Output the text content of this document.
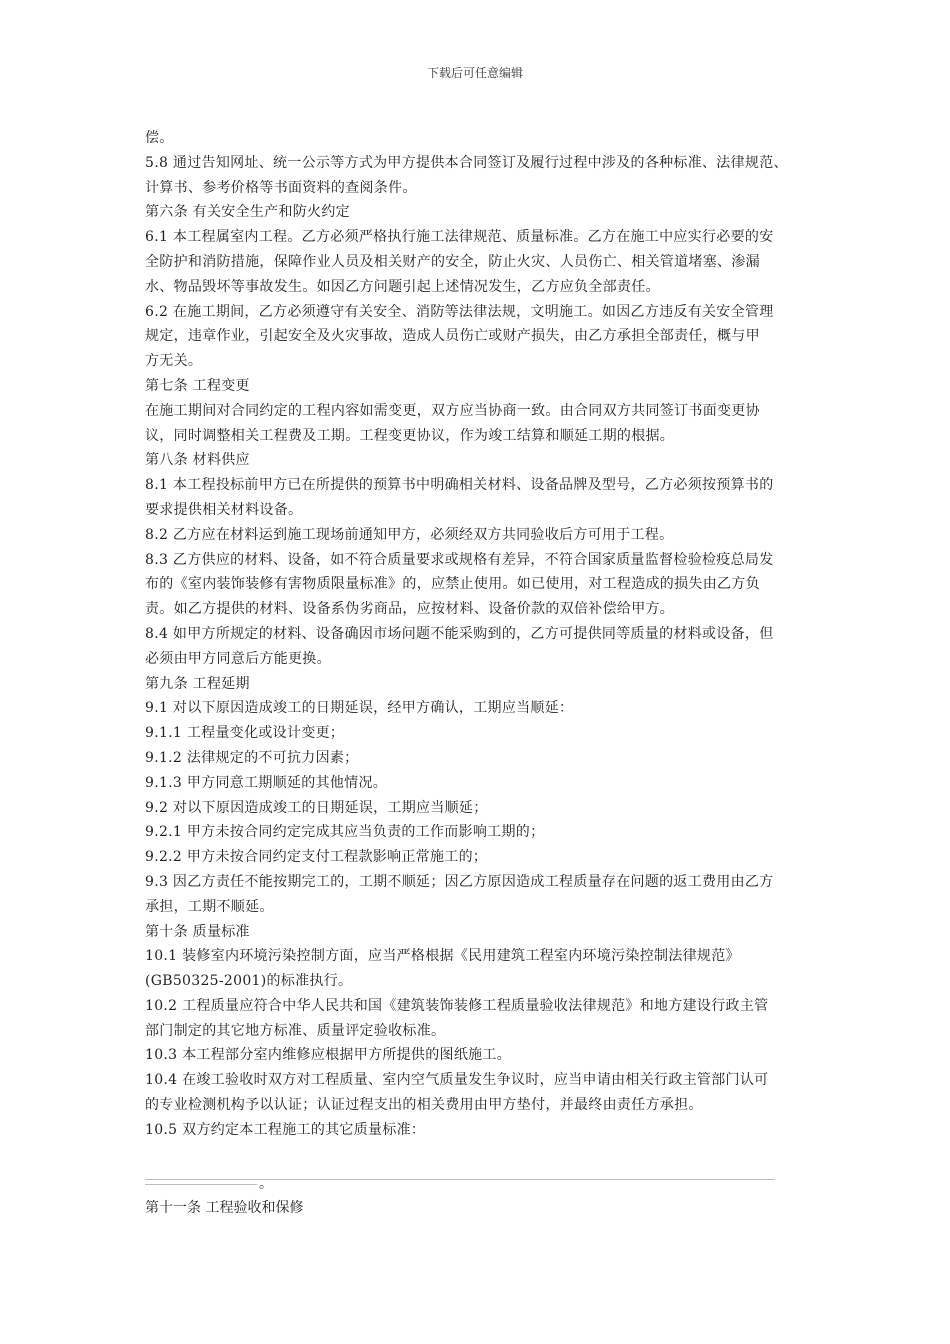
下载后可任意编辑
偿。
5.8 通过告知网址、统一公示等方式为甲方提供本合同签订及履行过程中涉及的各种标准、法律规范、
计算书、参考价格等书面资料的查阅条件。
第六条 有关安全生产和防火约定
6.1 本工程属室内工程。乙方必须严格执行施工法律规范、质量标准。乙方在施工中应实行必要的安
全防护和消防措施，保障作业人员及相关财产的安全，防止火灾、人员伤亡、相关管道堵塞、渗漏
水、物品毁坏等事故发生。如因乙方问题引起上述情况发生，乙方应负全部责任。
6.2 在施工期间，乙方必须遵守有关安全、消防等法律法规，文明施工。如因乙方违反有关安全管理
规定，违章作业，引起安全及火灾事故，造成人员伤亡或财产损失，由乙方承担全部责任，概与甲
方无关。
第七条 工程变更
在施工期间对合同约定的工程内容如需变更，双方应当协商一致。由合同双方共同签订书面变更协
议，同时调整相关工程费及工期。工程变更协议，作为竣工结算和顺延工期的根据。
第八条 材料供应
8.1 本工程投标前甲方已在所提供的预算书中明确相关材料、设备品牌及型号，乙方必须按预算书的
要求提供相关材料设备。
8.2 乙方应在材料运到施工现场前通知甲方，必须经双方共同验收后方可用于工程。
8.3 乙方供应的材料、设备，如不符合质量要求或规格有差异，不符合国家质量监督检验检疫总局发
布的《室内装饰装修有害物质限量标准》的，应禁止使用。如已使用，对工程造成的损失由乙方负
责。如乙方提供的材料、设备系伪劣商品，应按材料、设备价款的双倍补偿给甲方。
8.4 如甲方所规定的材料、设备确因市场问题不能采购到的，乙方可提供同等质量的材料或设备，但
必须由甲方同意后方能更换。
第九条 工程延期
9.1 对以下原因造成竣工的日期延误，经甲方确认，工期应当顺延：
9.1.1 工程量变化或设计变更；
9.1.2 法律规定的不可抗力因素；
9.1.3 甲方同意工期顺延的其他情况。
9.2 对以下原因造成竣工的日期延误，工期应当顺延；
9.2.1 甲方未按合同约定完成其应当负责的工作而影响工期的；
9.2.2 甲方未按合同约定支付工程款影响正常施工的；
9.3 因乙方责任不能按期完工的，工期不顺延；因乙方原因造成工程质量存在问题的返工费用由乙方
承担，工期不顺延。
第十条 质量标准
10.1 装修室内环境污染控制方面，应当严格根据《民用建筑工程室内环境污染控制法律规范》
(GB50325-2001)的标准执行。
10.2 工程质量应符合中华人民共和国《建筑装饰装修工程质量验收法律规范》和地方建设行政主管
部门制定的其它地方标准、质量评定验收标准。
10.3 本工程部分室内维修应根据甲方所提供的图纸施工。
10.4 在竣工验收时双方对工程质量、室内空气质量发生争议时，应当申请由相关行政主管部门认可
的专业检测机构予以认证；认证过程支出的相关费用由甲方垫付，并最终由责任方承担。
10.5 双方约定本工程施工的其它质量标准：
。
第十一条 工程验收和保修
